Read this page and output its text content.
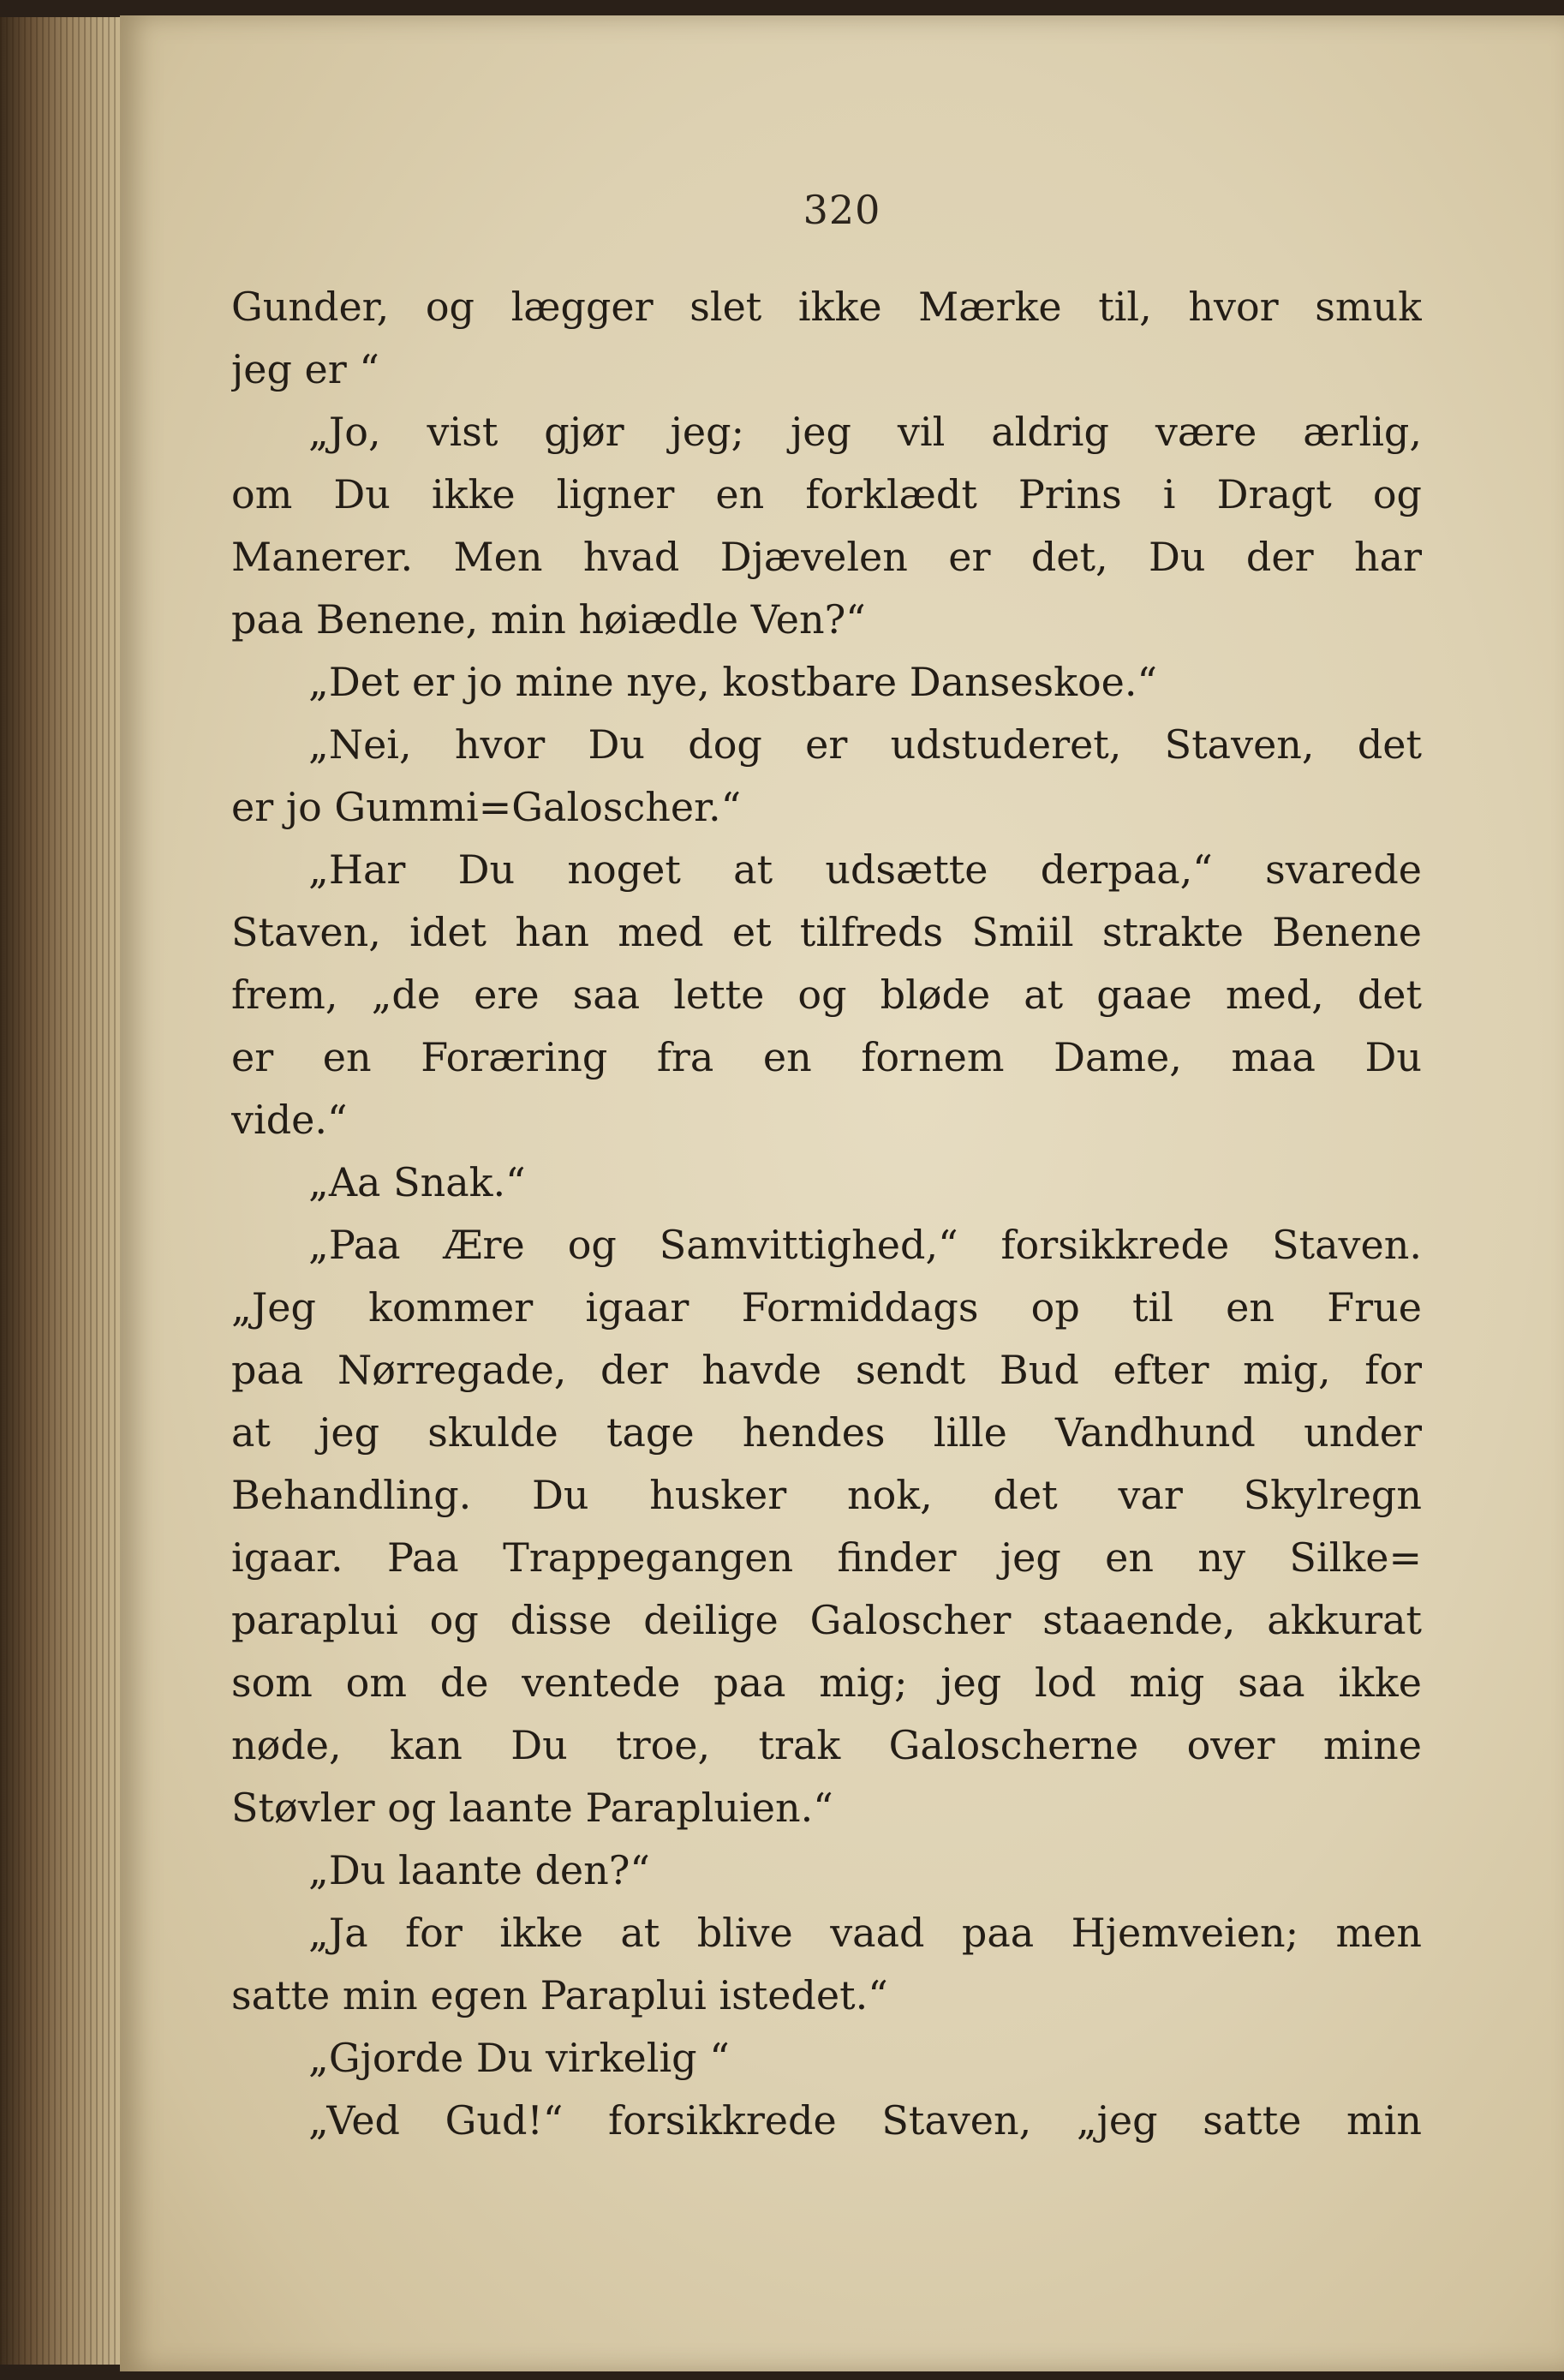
320
Gunder, og lægger slet ikke Mærke til, hvor smuk
jeg er “
„Jo, vist gjør jeg; jeg vil aldrig være ærlig,
om Du ikke ligner en forklædt Prins i Dragt og
Manerer. Men hvad Djævelen er det, Du der har
paa Benene, min høiædle Ven?“
„Det er jo mine nye, kostbare Danseskoe.“
„Nei, hvor Du dog er udstuderet, Staven, det
er jo Gummi=Galoscher.“
„Har Du noget at udsætte derpaa,“ svarede
Staven, idet han med et tilfreds Smiil strakte Benene
frem, „de ere saa lette og bløde at gaae med, det
er en Foræring fra en fornem Dame, maa Du
vide.“
„Aa Snak.“
„Paa Ære og Samvittighed,“ forsikkrede Staven.
„Jeg kommer igaar Formiddags op til en Frue
paa Nørregade, der havde sendt Bud efter mig, for
at jeg skulde tage hendes lille Vandhund under
Behandling. Du husker nok, det var Skylregn
igaar. Paa Trappegangen finder jeg en ny Silke=
paraplui og disse deilige Galoscher staaende, akkurat
som om de ventede paa mig; jeg lod mig saa ikke
nøde, kan Du troe, trak Galoscherne over mine
Støvler og laante Parapluien.“
„Du laante den?“
„Ja for ikke at blive vaad paa Hjemveien; men
satte min egen Paraplui istedet.“
„Gjorde Du virkelig “
„Ved Gud!“ forsikkrede Staven, „jeg satte min
